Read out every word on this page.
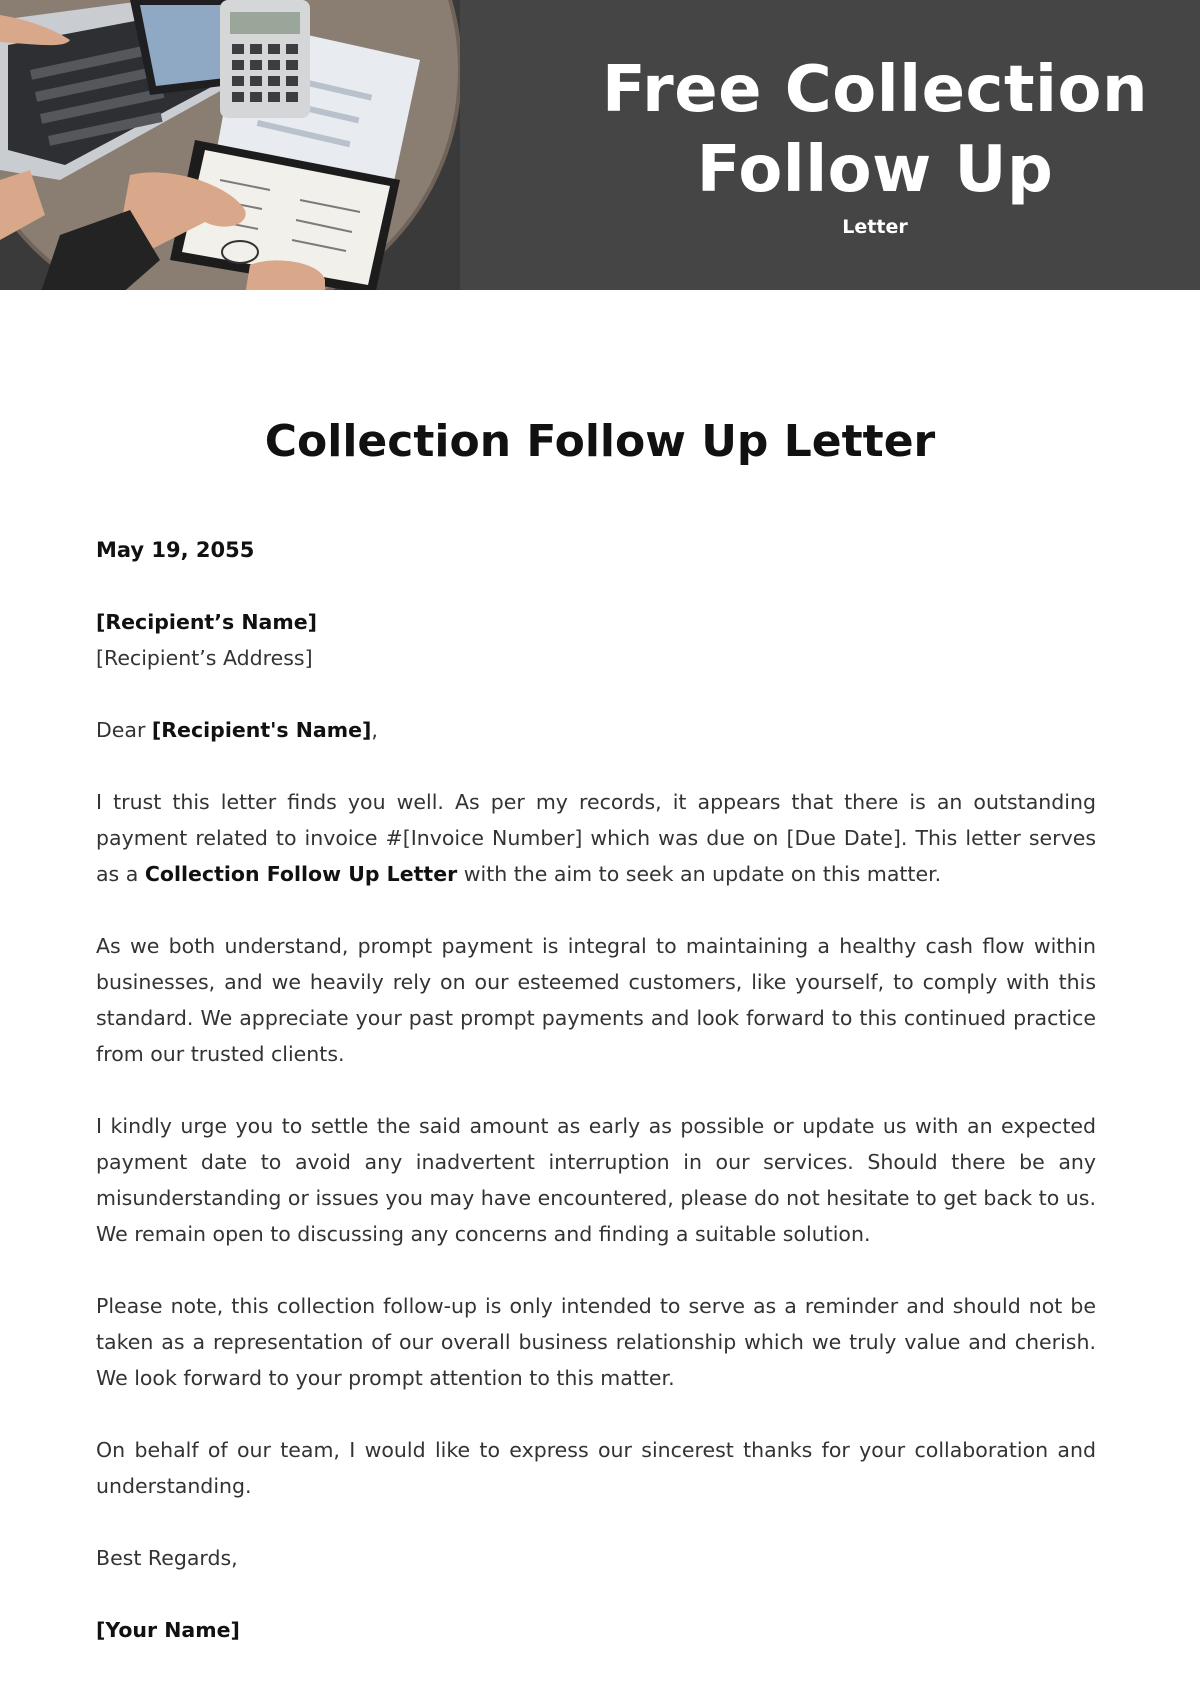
Free Collection
Follow Up
Letter
Collection Follow Up Letter
May 19, 2055
[Recipient’s Name]
[Recipient’s Address]
Dear [Recipient's Name],

I trust this letter finds you well. As per my records, it appears that there is an outstanding payment related to invoice #[Invoice Number] which was due on [Due Date]. This letter serves as a Collection Follow Up Letter with the aim to seek an update on this matter.

As we both understand, prompt payment is integral to maintaining a healthy cash flow within businesses, and we heavily rely on our esteemed customers, like yourself, to comply with this standard. We appreciate your past prompt payments and look forward to this continued practice from our trusted clients.

I kindly urge you to settle the said amount as early as possible or update us with an expected payment date to avoid any inadvertent interruption in our services. Should there be any misunderstanding or issues you may have encountered, please do not hesitate to get back to us. We remain open to discussing any concerns and finding a suitable solution.

Please note, this collection follow-up is only intended to serve as a reminder and should not be taken as a representation of our overall business relationship which we truly value and cherish. We look forward to your prompt attention to this matter.

On behalf of our team, I would like to express our sincerest thanks for your collaboration and understanding.

Best Regards,
[Your Name]
